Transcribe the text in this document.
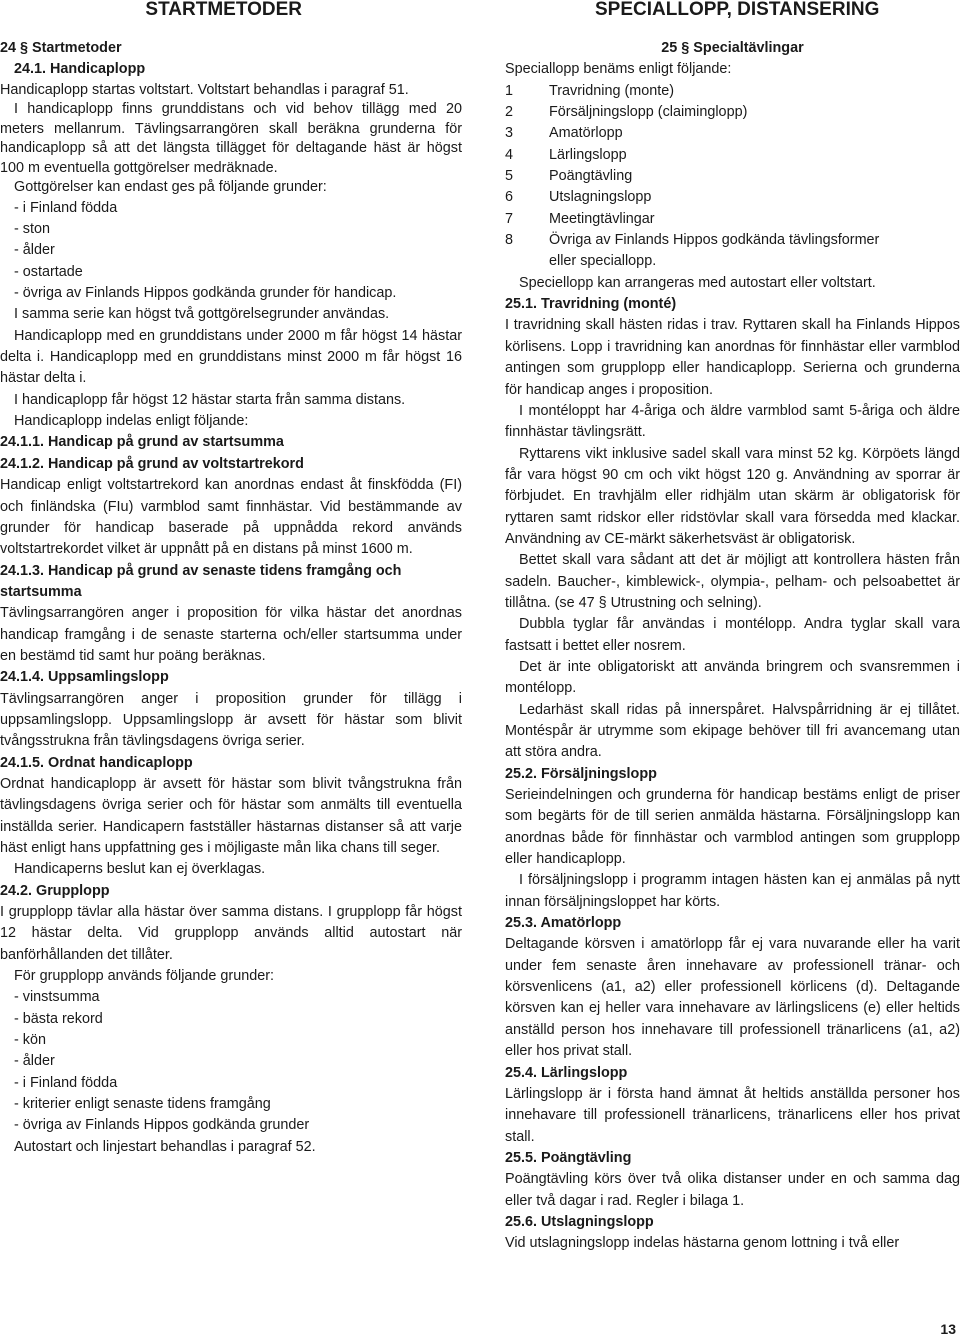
STARTMETODER

24 § Startmetoder

24.1. Handicaplopp

Handicaplopp startas voltstart. Voltstart behandlas i paragraf 51.

I handicaplopp finns grunddistans och vid behov tillägg med 20 meters mellanrum. Tävlingsarrangören skall beräkna grunderna för handicaplopp så att det längsta tillägget för deltagande häst är högst 100 m eventuella gottgörelser medräknade.

Gottgörelser kan endast ges på följande grunder:

- i Finland födda

- ston

- ålder

- ostartade

- övriga av Finlands Hippos godkända grunder för handicap.

I samma serie kan högst två gottgörelsegrunder användas.

Handicaplopp med en grunddistans under 2000 m får högst 14 hästar delta i. Handicaplopp med en grunddistans minst 2000 m får högst 16 hästar delta i.

I handicaplopp får högst 12 hästar starta från samma distans.

Handicaplopp indelas enligt följande:

24.1.1. Handicap på grund av startsumma

24.1.2. Handicap på grund av voltstartrekord

Handicap enligt voltstartrekord kan anordnas endast åt finskfödda (FI) och finländska (FIu) varmblod samt finnhästar. Vid bestämmande av grunder för handicap baserade på uppnådda rekord används voltstartrekordet vilket är uppnått på en distans på minst 1600 m.

24.1.3. Handicap på grund av senaste tidens framgång och startsumma

Tävlingsarrangören anger i proposition för vilka hästar det anordnas handicap framgång i de senaste starterna och/eller startsumma under en bestämd tid samt hur poäng beräknas.

24.1.4. Uppsamlingslopp

Tävlingsarrangören anger i proposition grunder för tillägg i uppsamlingslopp. Uppsamlingslopp är avsett för hästar som blivit tvångsstrukna från tävlingsdagens övriga serier.

24.1.5. Ordnat handicaplopp

Ordnat handicaplopp är avsett för hästar som blivit tvångstrukna från tävlingsdagens övriga serier och för hästar som anmälts till eventuella inställda serier. Handicapern fastställer hästarnas distanser så att varje häst enligt hans uppfattning ges i möjligaste mån lika chans till seger.

Handicaperns beslut kan ej överklagas.

24.2. Grupplopp

I grupplopp tävlar alla hästar över samma distans. I grupplopp får högst 12 hästar delta. Vid grupplopp används alltid autostart när banförhållanden det tillåter.

För grupplopp används följande grunder:

- vinstsumma

- bästa rekord

- kön

- ålder

- i Finland födda

- kriterier enligt senaste tidens framgång

- övriga av Finlands Hippos godkända grunder

Autostart och linjestart behandlas i paragraf 52.

SPECIALLOPP, DISTANSERING

25 § Specialtävlingar

Speciallopp benäms enligt följande:

1	Travridning (monte)
2	Försäljningslopp (claiminglopp)
3	Amatörlopp
4	Lärlingslopp
5	Poängtävling
6	Utslagningslopp
7	Meetingtävlingar
8	Övriga av Finlands Hippos godkända tävlingsformer

eller speciallopp.

Speciellopp kan arrangeras med autostart eller voltstart.

25.1. Travridning (monté)

I travridning skall hästen ridas i trav. Ryttaren skall ha Finlands Hippos körlisens. Lopp i travridning kan anordnas för finnhästar eller varmblod antingen som grupplopp eller handicaplopp. Serierna och grunderna för handicap anges i proposition.

I montéloppt har 4-åriga och äldre varmblod samt 5-åriga och äldre finnhästar tävlingsrätt.

Ryttarens vikt inklusive sadel skall vara minst 52 kg. Körpöets längd får vara högst 90 cm och vikt högst 120 g. Användning av sporrar är förbjudet. En travhjälm eller ridhjälm utan skärm är obligatorisk för ryttaren samt ridskor eller ridstövlar skall vara försedda med klackar. Användning av CE-märkt säkerhetsväst är obligatorisk.

Bettet skall vara sådant att det är möjligt att kontrollera hästen från sadeln. Baucher-, kimblewick-, olympia-, pelham- och pelsoabettet är tillåtna. (se 47 § Utrustning och selning).

Dubbla tyglar får användas i montélopp. Andra tyglar skall vara fastsatt i bettet eller nosrem.

Det är inte obligatoriskt att använda bringrem och svansremmen i montélopp.

Ledarhäst skall ridas på innerspåret. Halvspårridning är ej tillåtet. Montéspår är utrymme som ekipage behöver till fri avancemang utan att störa andra.

25.2. Försäljningslopp

Serieindelningen och grunderna för handicap bestäms enligt de priser som begärts för de till serien anmälda hästarna. Försäljningslopp kan anordnas både för finnhästar och varmblod antingen som grupplopp eller handicaplopp.

I försäljningslopp i programm intagen hästen kan ej anmälas på nytt innan försäljningsloppet har körts.

25.3. Amatörlopp

Deltagande körsven i amatörlopp får ej vara nuvarande eller ha varit under fem senaste åren innehavare av professionell tränar- och körsvenlicens (a1, a2) eller professionell körlicens (d). Deltagande körsven kan ej heller vara innehavare av lärlingslicens (e) eller heltids anställd person hos innehavare till professionell tränarlicens (a1, a2) eller hos privat stall.

25.4. Lärlingslopp

Lärlingslopp är i första hand ämnat åt heltids anställda personer hos innehavare till professionell tränarlicens, tränarlicens eller hos privat stall.

25.5. Poängtävling

Poängtävling körs över två olika distanser under en och samma dag eller två dagar i rad. Regler i bilaga 1.

25.6. Utslagningslopp

Vid utslagningslopp indelas hästarna genom lottning i två eller

13
